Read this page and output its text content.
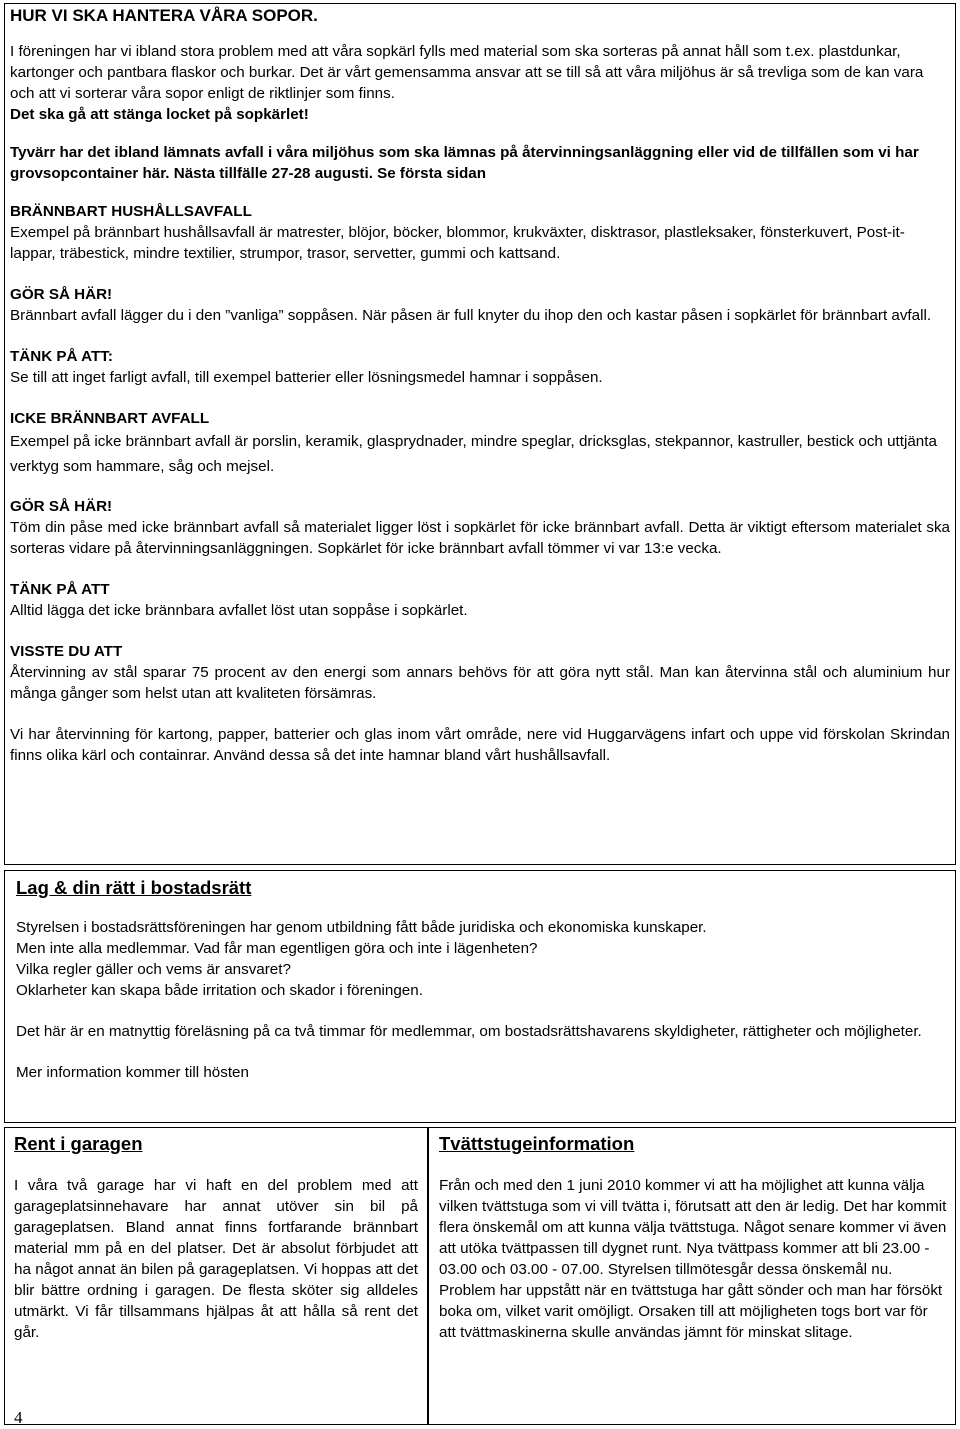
HUR VI SKA HANTERA VÅRA SOPOR.

I föreningen har vi ibland stora problem med att våra sopkärl fylls med material som ska sorteras på annat håll som t.ex. plastdunkar, kartonger och pantbara flaskor och burkar. Det är vårt gemensamma ansvar att se till så att våra miljöhus är så trevliga som de kan vara och att vi sorterar våra sopor enligt de riktlinjer som finns.

Det ska gå att stänga locket på sopkärlet!

Tyvärr har det ibland lämnats avfall i våra miljöhus som ska lämnas på återvinningsanläggning eller vid de tillfällen som vi har grovsopcontainer här. Nästa tillfälle 27-28 augusti. Se första sidan

BRÄNNBART HUSHÅLLSAVFALL

Exempel på brännbart hushållsavfall är matrester, blöjor, böcker, blommor, krukväxter, disktrasor, plastleksaker, fönsterkuvert, Post-it-lappar, träbestick, mindre textilier, strumpor, trasor, servetter, gummi och kattsand.

GÖR SÅ HÄR!

Brännbart avfall lägger du i den ”vanliga” soppåsen. När påsen är full knyter du ihop den och kastar påsen i sopkärlet för brännbart avfall.

TÄNK PÅ ATT:

Se till att inget farligt avfall, till exempel batterier eller lösningsmedel hamnar i soppåsen.

ICKE BRÄNNBART AVFALL

Exempel på icke brännbart avfall är porslin, keramik, glasprydnader, mindre speglar, dricksglas, stekpannor, kastruller, bestick och uttjänta verktyg som hammare, såg och mejsel.

GÖR SÅ HÄR!

Töm din påse med icke brännbart avfall så materialet ligger löst i sopkärlet för icke brännbart avfall. Detta är viktigt eftersom materialet ska sorteras vidare på återvinningsanläggningen. Sopkärlet för icke brännbart avfall tömmer vi var 13:e vecka.

TÄNK PÅ ATT

Alltid lägga det icke brännbara avfallet löst utan soppåse i sopkärlet.

VISSTE DU ATT

Återvinning av stål sparar 75 procent av den energi som annars behövs för att göra nytt stål. Man kan återvinna stål och aluminium hur många gånger som helst utan att kvaliteten försämras.

Vi har återvinning för kartong, papper, batterier och glas inom vårt område, nere vid Huggarvägens infart och uppe vid förskolan Skrindan finns olika kärl och containrar. Använd dessa så det inte hamnar bland vårt hushållsavfall.

Lag & din rätt i bostadsrätt

Styrelsen i bostadsrättsföreningen har genom utbildning fått både juridiska och ekonomiska kunskaper.

Men inte alla medlemmar. Vad får man egentligen göra och inte i lägenheten?

Vilka regler gäller och vems är ansvaret?

Oklarheter kan skapa både irritation och skador i föreningen.

Det här är en matnyttig föreläsning på ca två timmar för medlemmar, om bostadsrättshavarens skyldigheter, rättigheter och möjligheter.

Mer information kommer till hösten

Rent i garagen

I våra två garage har vi haft en del problem med att garageplatsinnehavare har annat utöver sin bil på garageplatsen. Bland annat finns fortfarande brännbart material mm på en del platser. Det är absolut förbjudet att ha något annat än bilen på garageplatsen. Vi hoppas att det blir bättre ordning i garagen. De flesta sköter sig alldeles utmärkt. Vi får tillsammans hjälpas åt att hålla så rent det går.

Tvättstugeinformation

Från och med den 1 juni 2010 kommer vi att ha möjlighet att kunna välja vilken tvättstuga som vi vill tvätta i, förutsatt att den är ledig. Det har kommit flera önskemål om att kunna välja tvättstuga. Något senare kommer vi även att utöka tvättpassen till dygnet runt. Nya tvättpass kommer att bli 23.00 - 03.00 och 03.00 - 07.00. Styrelsen tillmötesgår dessa önskemål nu. Problem har uppstått när en tvättstuga har gått sönder och man har försökt boka om, vilket varit omöjligt. Orsaken till att möjligheten togs bort var för att tvättmaskinerna skulle användas jämnt för minskat slitage.

4
